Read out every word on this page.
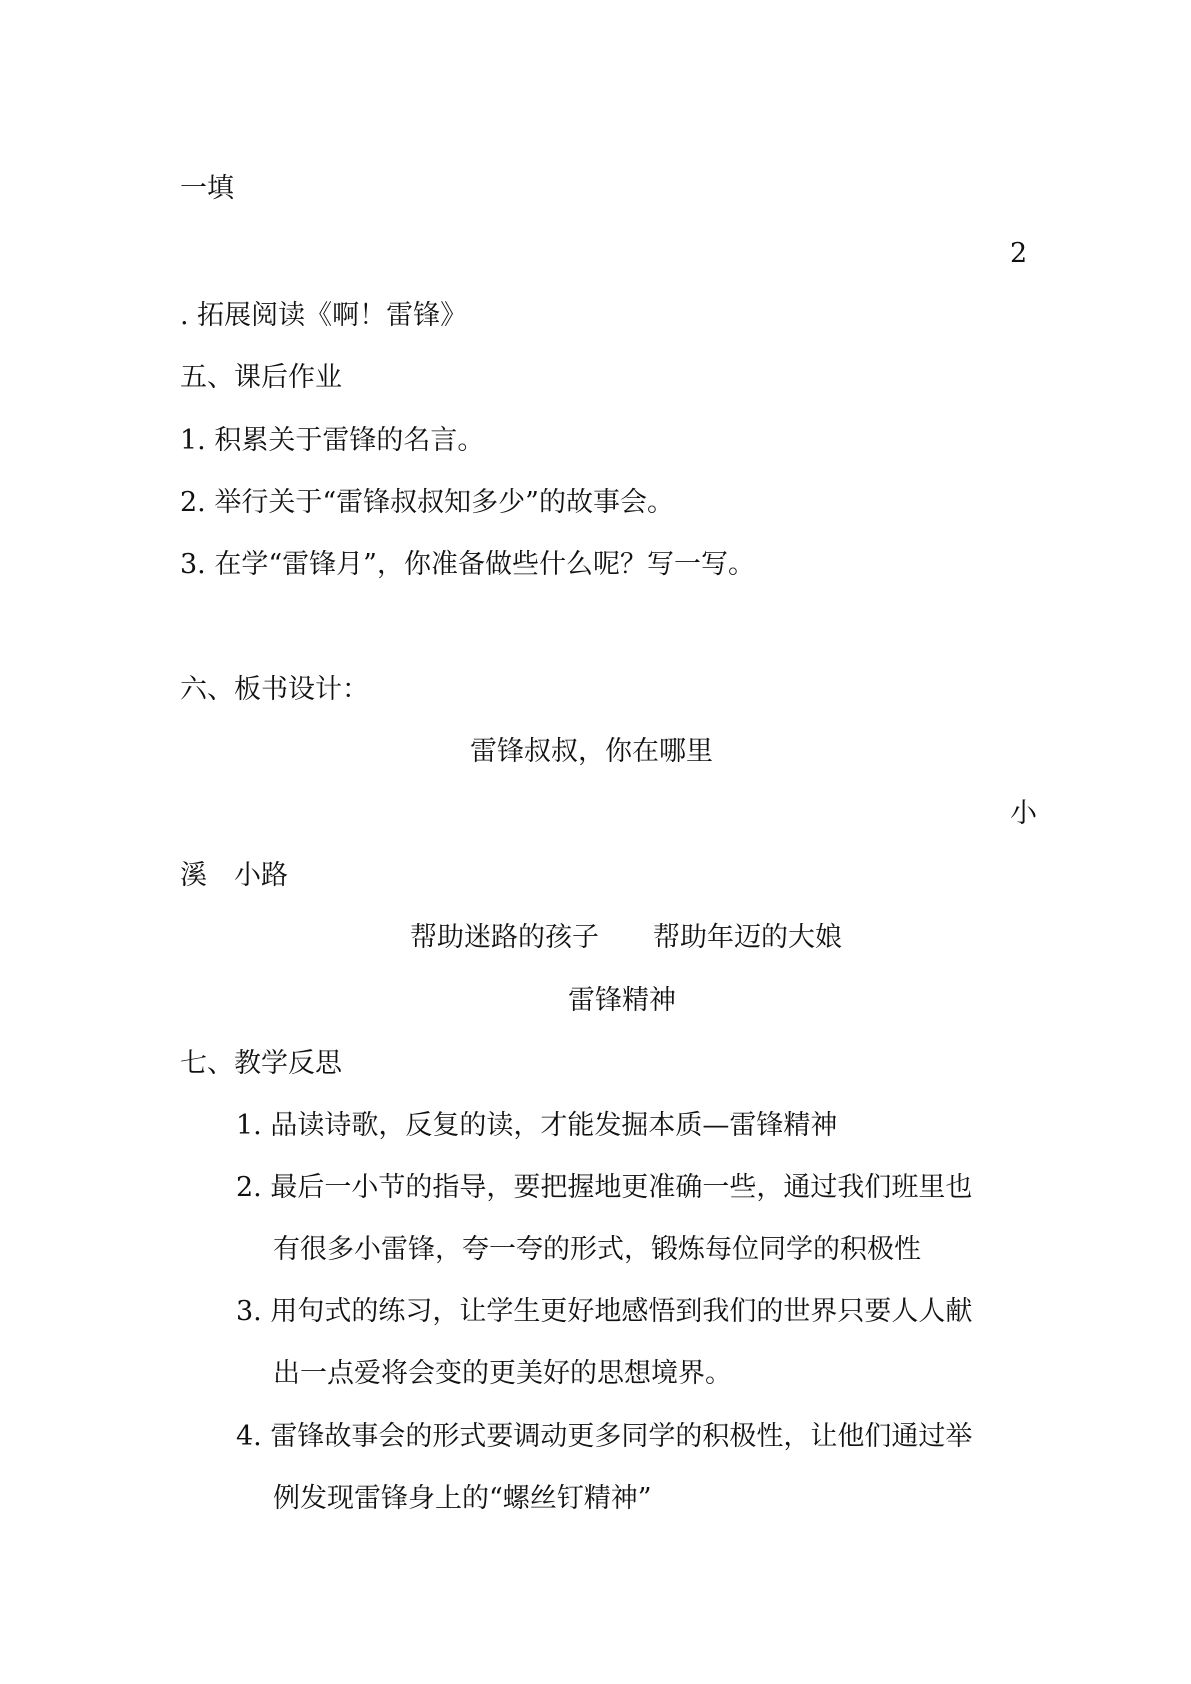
一填
2
. 拓展阅读《啊！雷锋》
五、课后作业
1. 积累关于雷锋的名言。
2. 举行关于“雷锋叔叔知多少”的故事会。
3. 在学“雷锋月”，你准备做些什么呢？写一写。
六、板书设计：
雷锋叔叔，你在哪里
小
溪　小路
帮助迷路的孩子　　帮助年迈的大娘
雷锋精神
七、教学反思
1. 品读诗歌，反复的读，才能发掘本质—雷锋精神
2. 最后一小节的指导，要把握地更准确一些，通过我们班里也
有很多小雷锋，夸一夸的形式，锻炼每位同学的积极性
3. 用句式的练习，让学生更好地感悟到我们的世界只要人人献
出一点爱将会变的更美好的思想境界。
4. 雷锋故事会的形式要调动更多同学的积极性，让他们通过举
例发现雷锋身上的“螺丝钉精神”
